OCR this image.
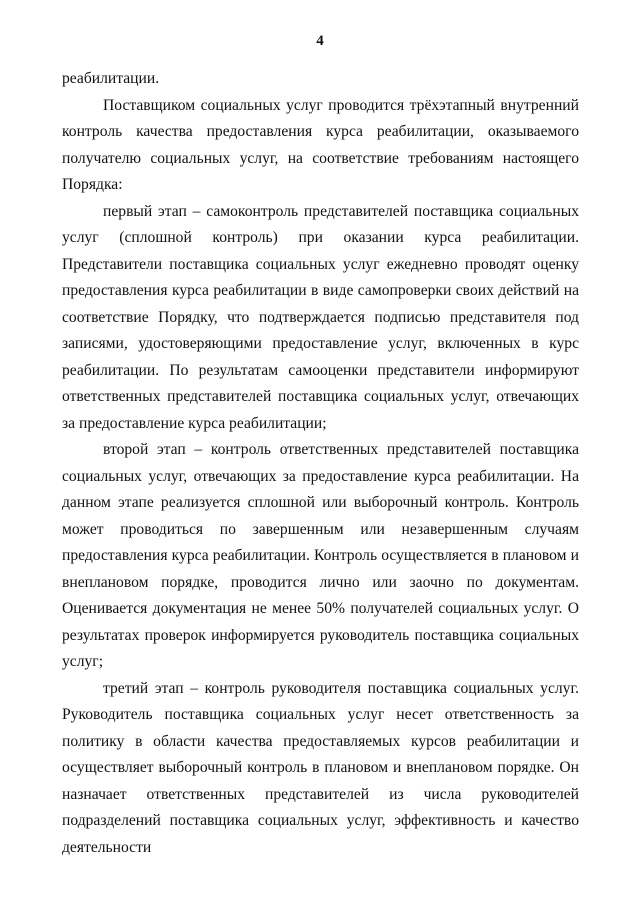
4

реабилитации.

Поставщиком социальных услуг проводится трёхэтапный внутренний контроль качества предоставления курса реабилитации, оказываемого получателю социальных услуг, на соответствие требованиям настоящего Порядка:

первый этап – самоконтроль представителей поставщика социальных услуг (сплошной контроль) при оказании курса реабилитации. Представители поставщика социальных услуг ежедневно проводят оценку предоставления курса реабилитации в виде самопроверки своих действий на соответствие Порядку, что подтверждается подписью представителя под записями, удостоверяющими предоставление услуг, включенных в курс реабилитации. По результатам самооценки представители информируют ответственных представителей поставщика социальных услуг, отвечающих за предоставление курса реабилитации;

второй этап – контроль ответственных представителей поставщика социальных услуг, отвечающих за предоставление курса реабилитации. На данном этапе реализуется сплошной или выборочный контроль. Контроль может проводиться по завершенным или незавершенным случаям предоставления курса реабилитации. Контроль осуществляется в плановом и внеплановом порядке, проводится лично или заочно по документам. Оценивается документация не менее 50% получателей социальных услуг. О результатах проверок информируется руководитель поставщика социальных услуг;

третий этап – контроль руководителя поставщика социальных услуг. Руководитель поставщика социальных услуг несет ответственность за политику в области качества предоставляемых курсов реабилитации и осуществляет выборочный контроль в плановом и внеплановом порядке. Он назначает ответственных представителей из числа руководителей подразделений поставщика социальных услуг, эффективность и качество деятельности
